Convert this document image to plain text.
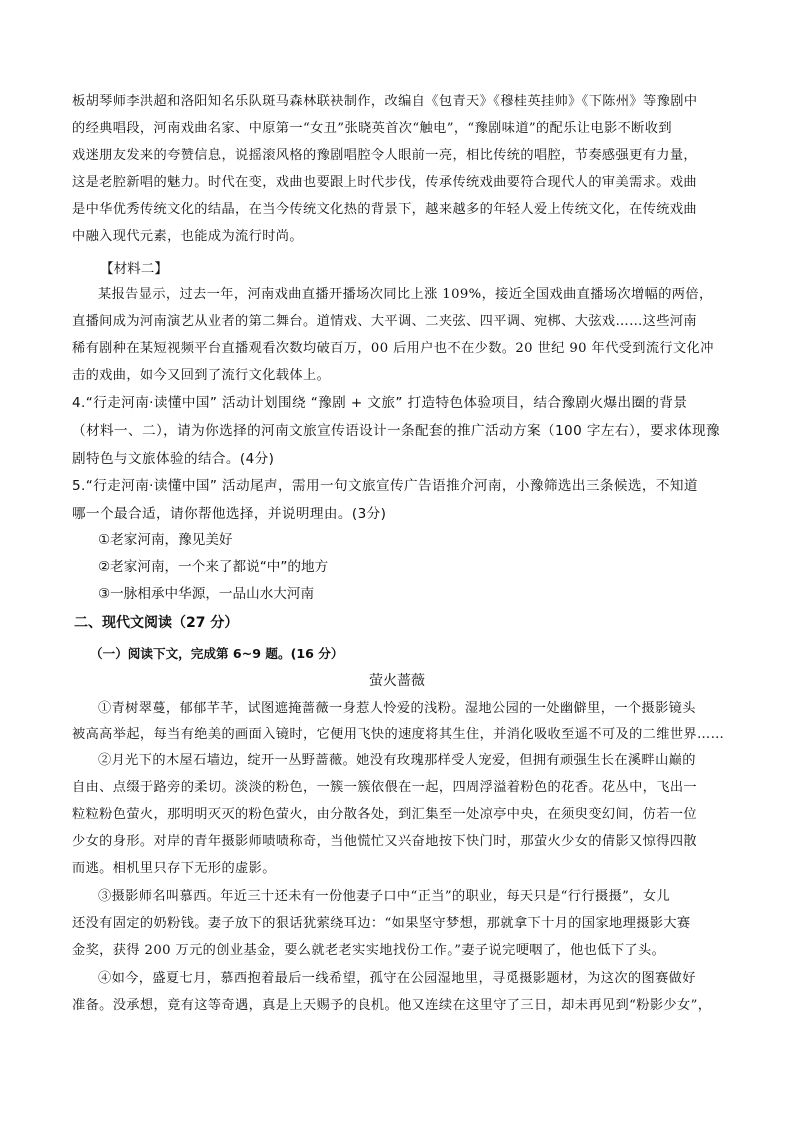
板胡琴师李洪超和洛阳知名乐队斑马森林联袂制作，改编自《包青天》《穆桂英挂帅》《下陈州》等豫剧中
的经典唱段，河南戏曲名家、中原第一“女丑”张晓英首次“触电”，“豫剧味道”的配乐让电影不断收到
戏迷朋友发来的夸赞信息，说摇滚风格的豫剧唱腔令人眼前一亮，相比传统的唱腔，节奏感强更有力量，
这是老腔新唱的魅力。时代在变，戏曲也要跟上时代步伐，传承传统戏曲要符合现代人的审美需求。戏曲
是中华优秀传统文化的结晶，在当今传统文化热的背景下，越来越多的年轻人爱上传统文化，在传统戏曲
中融入现代元素，也能成为流行时尚。
【材料二】
某报告显示，过去一年，河南戏曲直播开播场次同比上涨 109%，接近全国戏曲直播场次增幅的两倍，
直播间成为河南演艺从业者的第二舞台。道情戏、大平调、二夹弦、四平调、宛梆、大弦戏……这些河南
稀有剧种在某短视频平台直播观看次数均破百万，00 后用户也不在少数。20 世纪 90 年代受到流行文化冲
击的戏曲，如今又回到了流行文化载体上。
4.“行走河南·读懂中国” 活动计划围绕 “豫剧 + 文旅” 打造特色体验项目，结合豫剧火爆出圈的背景
（材料一、二），请为你选择的河南文旅宣传语设计一条配套的推广活动方案（100 字左右），要求体现豫
剧特色与文旅体验的结合。(4分)
5.“行走河南·读懂中国” 活动尾声，需用一句文旅宣传广告语推介河南，小豫筛选出三条候选，不知道
哪一个最合适，请你帮他选择，并说明理由。(3分)
①老家河南，豫见美好
②老家河南，一个来了都说“中”的地方
③一脉相承中华源，一品山水大河南
二、现代文阅读（27 分）
（一）阅读下文，完成第 6~9 题。(16 分）
萤火蔷薇
①青树翠蔓，郁郁芊芊，试图遮掩蔷薇一身惹人怜爱的浅粉。湿地公园的一处幽僻里，一个摄影镜头
被高高举起，每当有绝美的画面入镜时，它便用飞快的速度将其生住，并消化吸收至遥不可及的二维世界……
②月光下的木屋石墙边，绽开一丛野蔷薇。她没有玫瑰那样受人宠爱，但拥有顽强生长在溪畔山巅的
自由、点缀于路旁的柔切。淡淡的粉色，一簇一簇依偎在一起，四周浮溢着粉色的花香。花丛中，飞出一
粒粒粉色萤火，那明明灭灭的粉色萤火，由分散各处，到汇集至一处凉亭中央，在须臾变幻间，仿若一位
少女的身形。对岸的青年摄影师啧啧称奇，当他慌忙又兴奋地按下快门时，那萤火少女的倩影又惊得四散
而逃。相机里只存下无形的虚影。
③摄影师名叫慕西。年近三十还未有一份他妻子口中“正当”的职业，每天只是“行行摄摄”，女儿
还没有固定的奶粉钱。妻子放下的狠话犹萦绕耳边：“如果坚守梦想，那就拿下十月的国家地理摄影大赛
金奖，获得 200 万元的创业基金，要么就老老实实地找份工作。”妻子说完哽咽了，他也低下了头。
④如今，盛夏七月，慕西抱着最后一线希望，孤守在公园湿地里，寻觅摄影题材，为这次的图赛做好
准备。没承想，竟有这等奇遇，真是上天赐予的良机。他又连续在这里守了三日，却未再见到“粉影少女”，
